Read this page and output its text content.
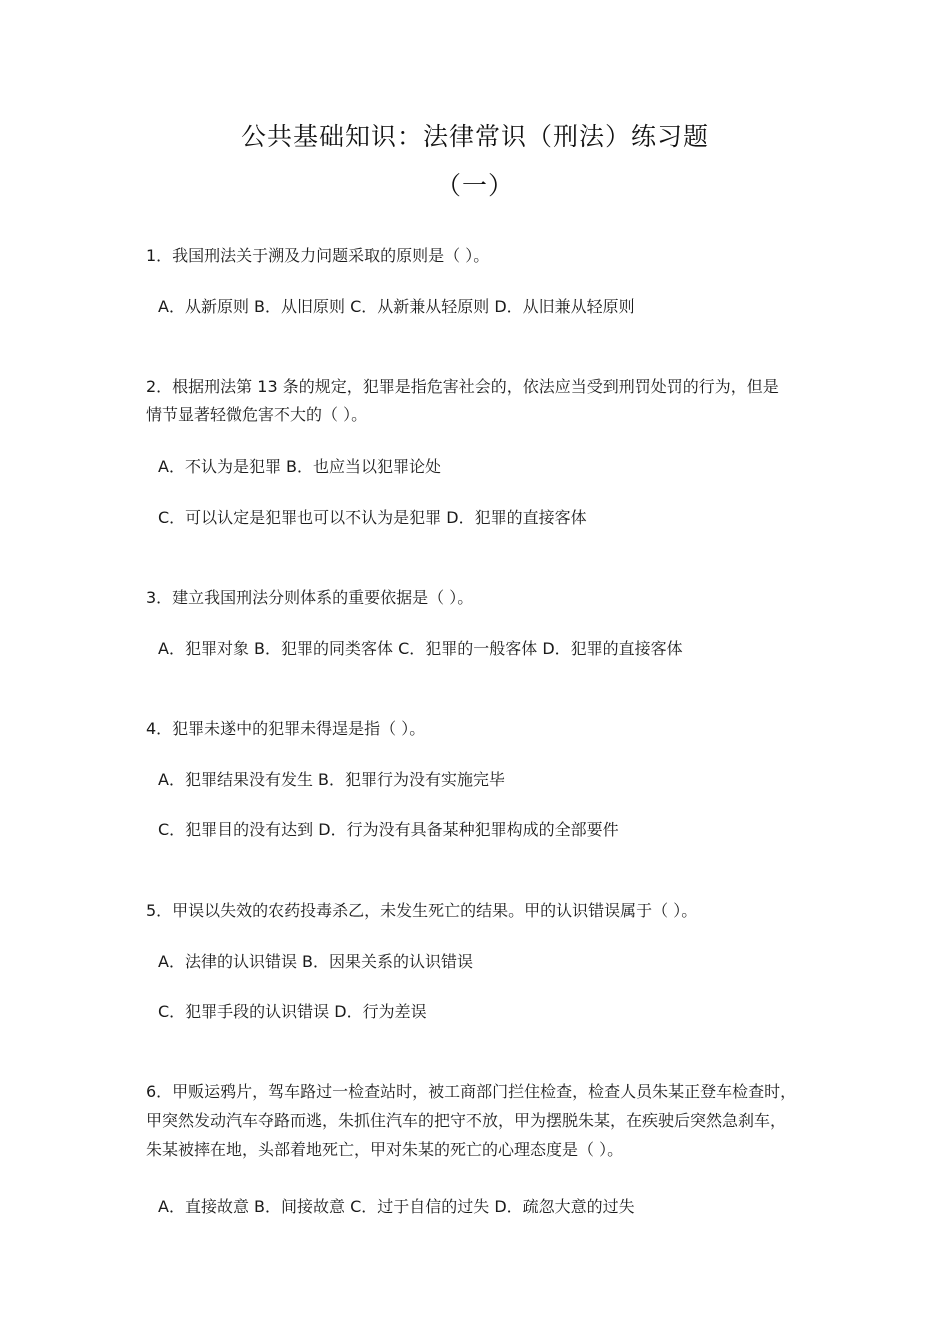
公共基础知识：法律常识（刑法）练习题
（一）
1．我国刑法关于溯及力问题采取的原则是（ ）。
A．从新原则 B．从旧原则 C．从新兼从轻原则 D．从旧兼从轻原则
2．根据刑法第 13 条的规定，犯罪是指危害社会的，依法应当受到刑罚处罚的行为，但是
情节显著轻微危害不大的（ ）。
A．不认为是犯罪 B．也应当以犯罪论处
C．可以认定是犯罪也可以不认为是犯罪 D．犯罪的直接客体
3．建立我国刑法分则体系的重要依据是（ ）。
A．犯罪对象 B．犯罪的同类客体 C．犯罪的一般客体 D．犯罪的直接客体
4．犯罪未遂中的犯罪未得逞是指（ ）。
A．犯罪结果没有发生 B．犯罪行为没有实施完毕
C．犯罪目的没有达到 D．行为没有具备某种犯罪构成的全部要件
5．甲误以失效的农药投毒杀乙，未发生死亡的结果。甲的认识错误属于（ ）。
A．法律的认识错误 B．因果关系的认识错误
C．犯罪手段的认识错误 D．行为差误
6．甲贩运鸦片，驾车路过一检查站时，被工商部门拦住检查，检查人员朱某正登车检查时，
甲突然发动汽车夺路而逃，朱抓住汽车的把守不放，甲为摆脱朱某，在疾驶后突然急刹车，
朱某被摔在地，头部着地死亡，甲对朱某的死亡的心理态度是（ ）。
A．直接故意 B．间接故意 C．过于自信的过失 D．疏忽大意的过失
